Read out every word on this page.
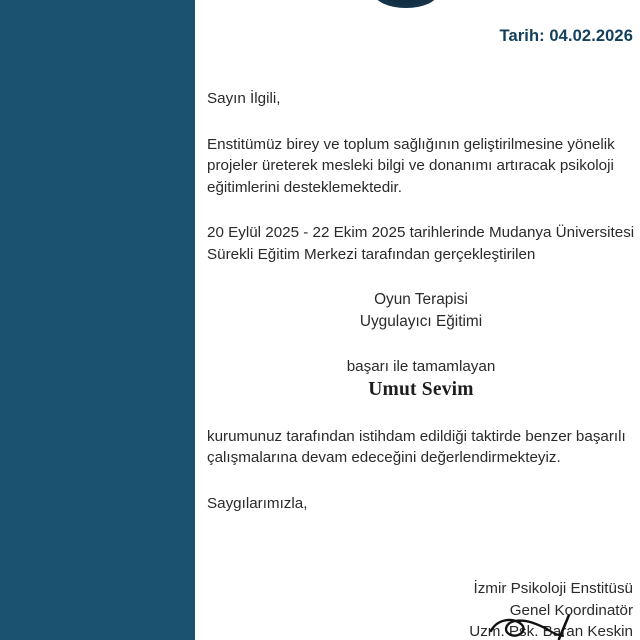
Tarih: 04.02.2026

Sayın İlgili,

Enstitümüz birey ve toplum sağlığının geliştirilmesine yönelik projeler üreterek mesleki bilgi ve donanımı artıracak psikoloji eğitimlerini desteklemektedir.

20 Eylül 2025 - 22 Ekim 2025 tarihlerinde Mudanya Üniversitesi Sürekli Eğitim Merkezi tarafından gerçekleştirilen

Oyun Terapisi
Uygulayıcı Eğitimi
başarı ile tamamlayan
Umut Sevim

kurumunuz tarafından istihdam edildiği taktirde benzer başarılı çalışmalarına devam edeceğini değerlendirmekteyiz.

Saygılarımızla,

İzmir Psikoloji Enstitüsü
Genel Koordinatör
Uzm. Psk. Baran Keskin
